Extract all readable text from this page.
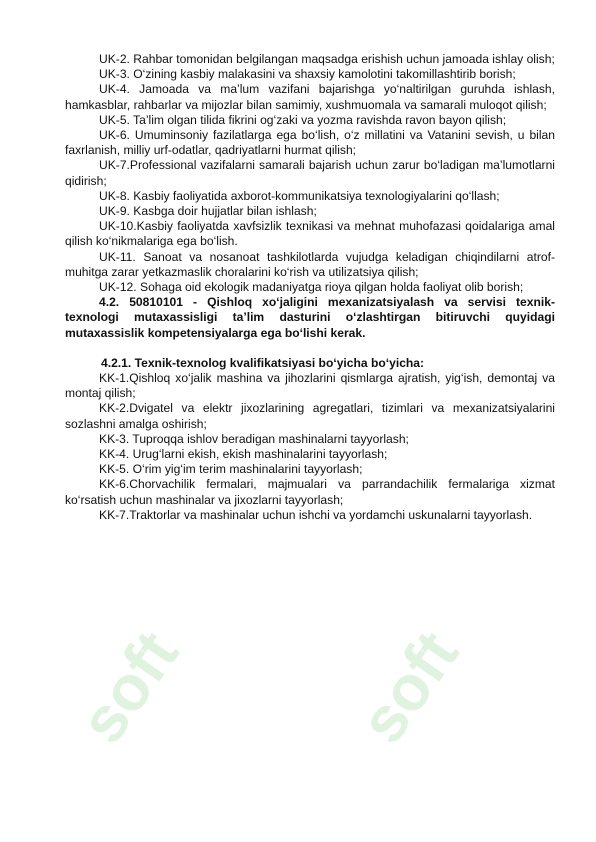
soft soft

UK-2. Rahbar tomonidan belgilangan maqsadga erishish uchun jamoada ishlay olish;

UK-3. O‘zining kasbiy malakasini va shaxsiy kamolotini takomillashtirib borish;

UK-4. Jamoada va ma’lum vazifani bajarishga yo‘naltirilgan guruhda ishlash, hamkasblar, rahbarlar va mijozlar bilan samimiy, xushmuomala va samarali muloqot qilish;

UK-5. Ta’lim olgan tilida fikrini og‘zaki va yozma ravishda ravon bayon qilish;

UK-6. Umuminsoniy fazilatlarga ega bo‘lish, o‘z millatini va Vatanini sevish, u bilan faxrlanish, milliy urf-odatlar, qadriyatlarni hurmat qilish;

UK-7.Professional vazifalarni samarali bajarish uchun zarur bo‘ladigan ma’lumotlarni qidirish;

UK-8. Kasbiy faoliyatida axborot-kommunikatsiya texnologiyalarini qo‘llash;

UK-9. Kasbga doir hujjatlar bilan ishlash;

UK-10.Kasbiy faoliyatda xavfsizlik texnikasi va mehnat muhofazasi qoidalariga amal qilish ko‘nikmalariga ega bo‘lish.

UK-11. Sanoat va nosanoat tashkilotlarda vujudga keladigan chiqindilarni atrof-muhitga zarar yetkazmaslik choralarini ko‘rish va utilizatsiya qilish;

UK-12. Sohaga oid ekologik madaniyatga rioya qilgan holda faoliyat olib borish;

4.2. 50810101 - Qishloq xo‘jaligini mexanizatsiyalash va servisi texnik-texnologi mutaxassisligi ta’lim dasturini o‘zlashtirgan bitiruvchi quyidagi mutaxassislik kompetensiyalarga ega bo‘lishi kerak.

4.2.1. Texnik-texnolog kvalifikatsiyasi bo‘yicha bo‘yicha:

KK-1.Qishloq xo‘jalik mashina va jihozlarini qismlarga ajratish, yig‘ish, demontaj va montaj qilish;

KK-2.Dvigatel va elektr jixozlarining agregatlari, tizimlari va mexanizatsiyalarini sozlashni amalga oshirish;

KK-3. Tuproqqa ishlov beradigan mashinalarni tayyorlash;

KK-4. Urug‘larni ekish, ekish mashinalarini tayyorlash;

KK-5. O‘rim yig‘im terim mashinalarini tayyorlash;

KK-6.Chorvachilik fermalari, majmualari va parrandachilik fermalariga xizmat ko‘rsatish uchun mashinalar va jixozlarni tayyorlash;

KK-7.Traktorlar va mashinalar uchun ishchi va yordamchi uskunalarni tayyorlash.
